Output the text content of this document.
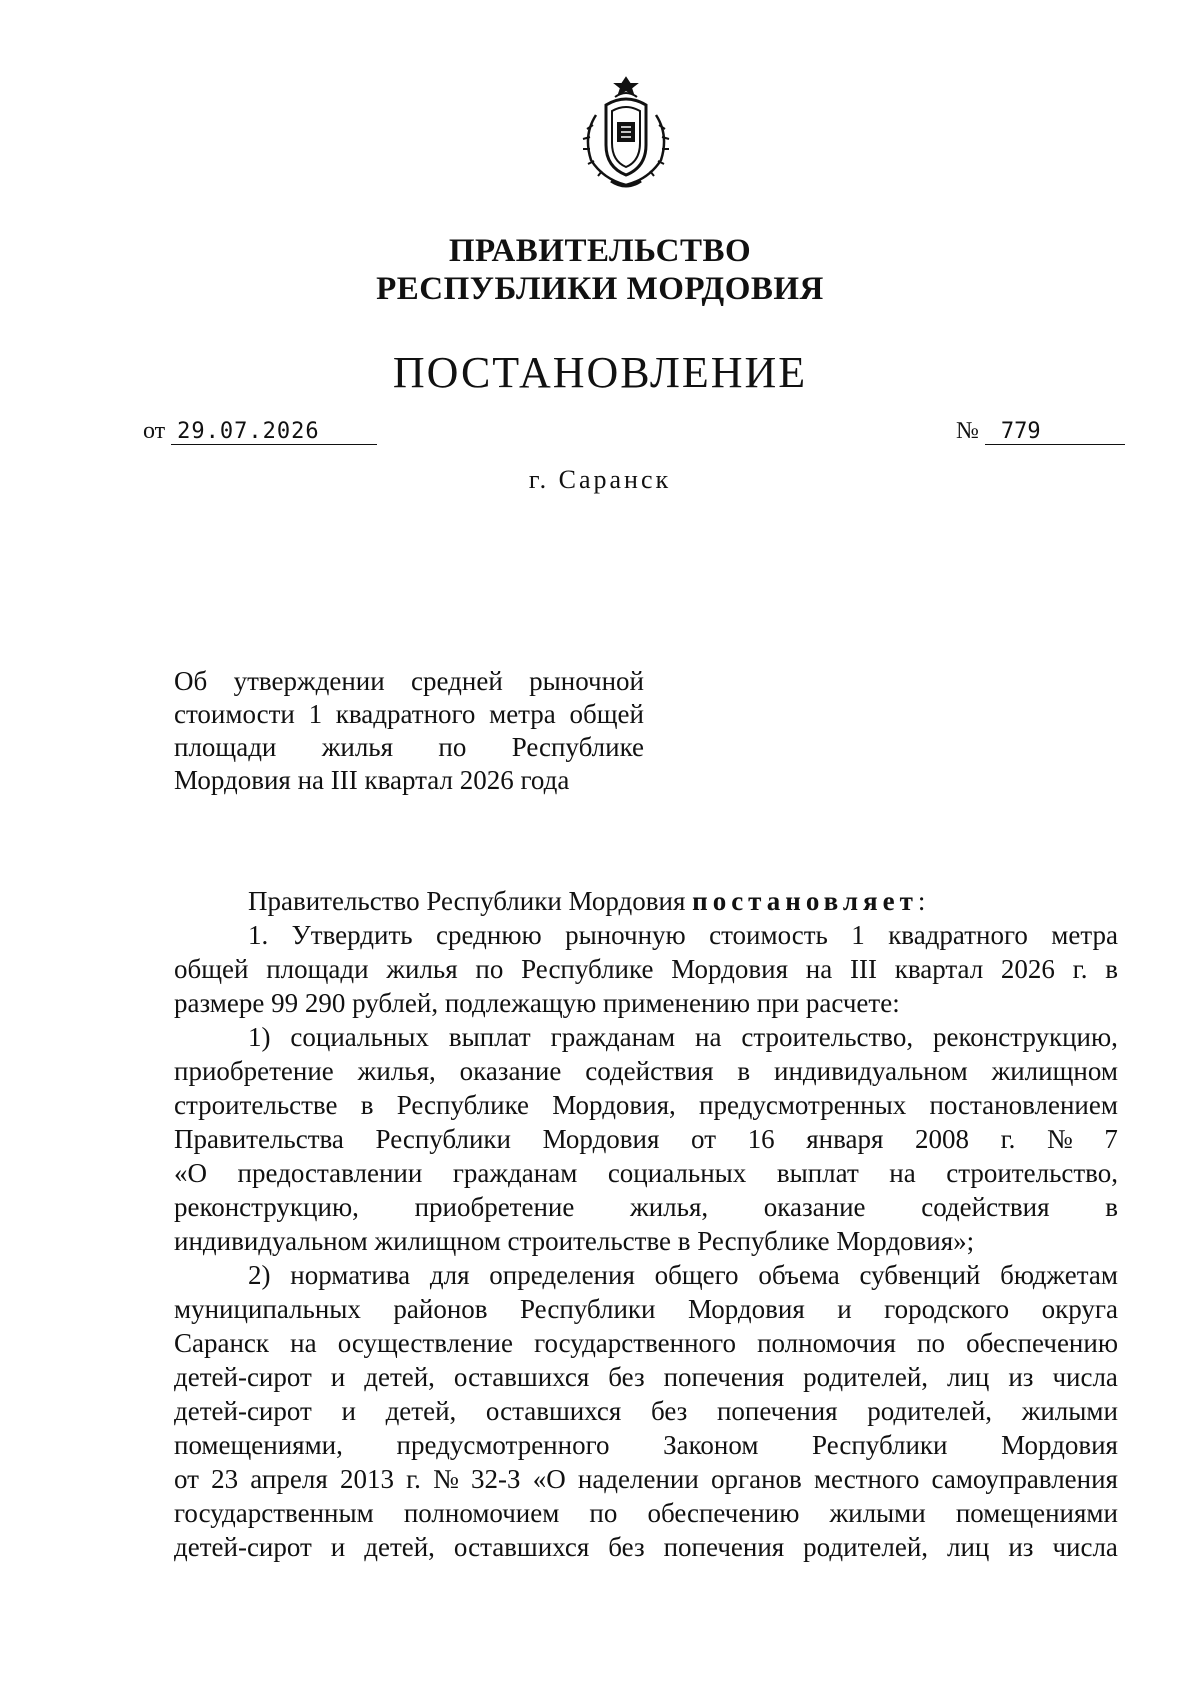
ПРАВИТЕЛЬСТВО
РЕСПУБЛИКИ МОРДОВИЯ
ПОСТАНОВЛЕНИЕ
от 29.07.2026	№ 779
г. Саранск
Об утверждении средней рыночной
стоимости 1 квадратного метра общей
площади жилья по Республике
Мордовия на III квартал 2026 года
Правительство Республики Мордовия постановляет :
1. Утвердить среднюю рыночную стоимость 1 квадратного метра
общей площади жилья по Республике Мордовия на III квартал 2026 г. в
размере 99 290 рублей, подлежащую применению при расчете:
1) социальных выплат гражданам на строительство, реконструкцию,
приобретение жилья, оказание содействия в индивидуальном жилищном
строительстве в Республике Мордовия, предусмотренных постановлением
Правительства Республики Мордовия от 16 января 2008 г. № 7
«О предоставлении гражданам социальных выплат на строительство,
реконструкцию, приобретение жилья, оказание содействия в
индивидуальном жилищном строительстве в Республике Мордовия»;
2) норматива для определения общего объема субвенций бюджетам
муниципальных районов Республики Мордовия и городского округа
Саранск на осуществление государственного полномочия по обеспечению
детей-сирот и детей, оставшихся без попечения родителей, лиц из числа
детей-сирот и детей, оставшихся без попечения родителей, жилыми
помещениями, предусмотренного Законом Республики Мордовия
от 23 апреля 2013 г. № 32-З «О наделении органов местного самоуправления
государственным полномочием по обеспечению жилыми помещениями
детей-сирот и детей, оставшихся без попечения родителей, лиц из числа
